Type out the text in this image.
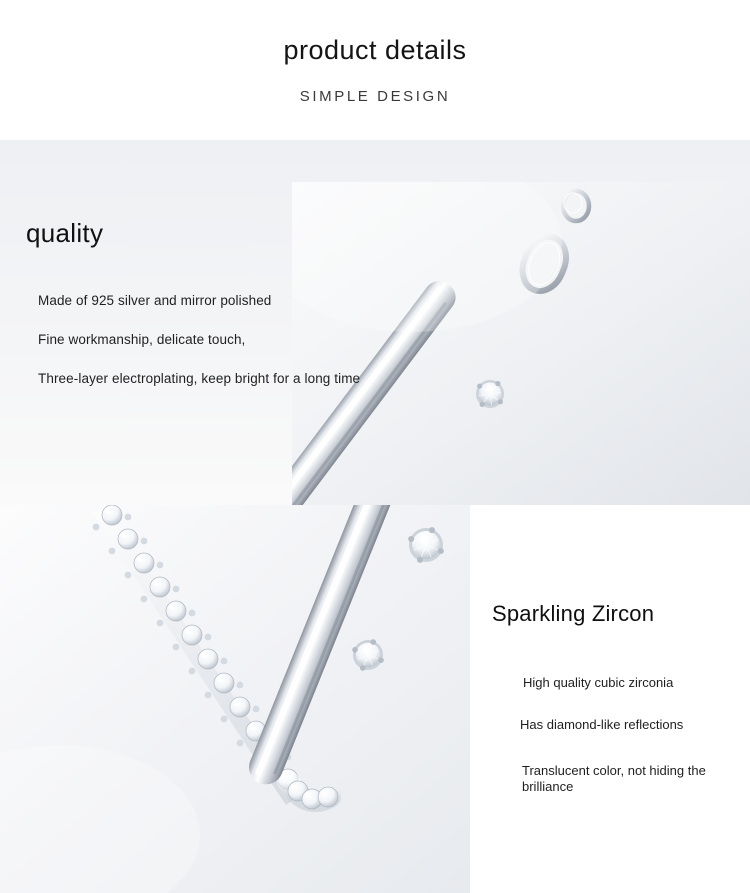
product details
SIMPLE DESIGN
quality
Made of 925 silver and mirror polished
Fine workmanship, delicate touch,
Three-layer electroplating, keep bright for a long time
Sparkling Zircon
High quality cubic zirconia
Has diamond-like reflections
Translucent color, not hiding the brilliance
